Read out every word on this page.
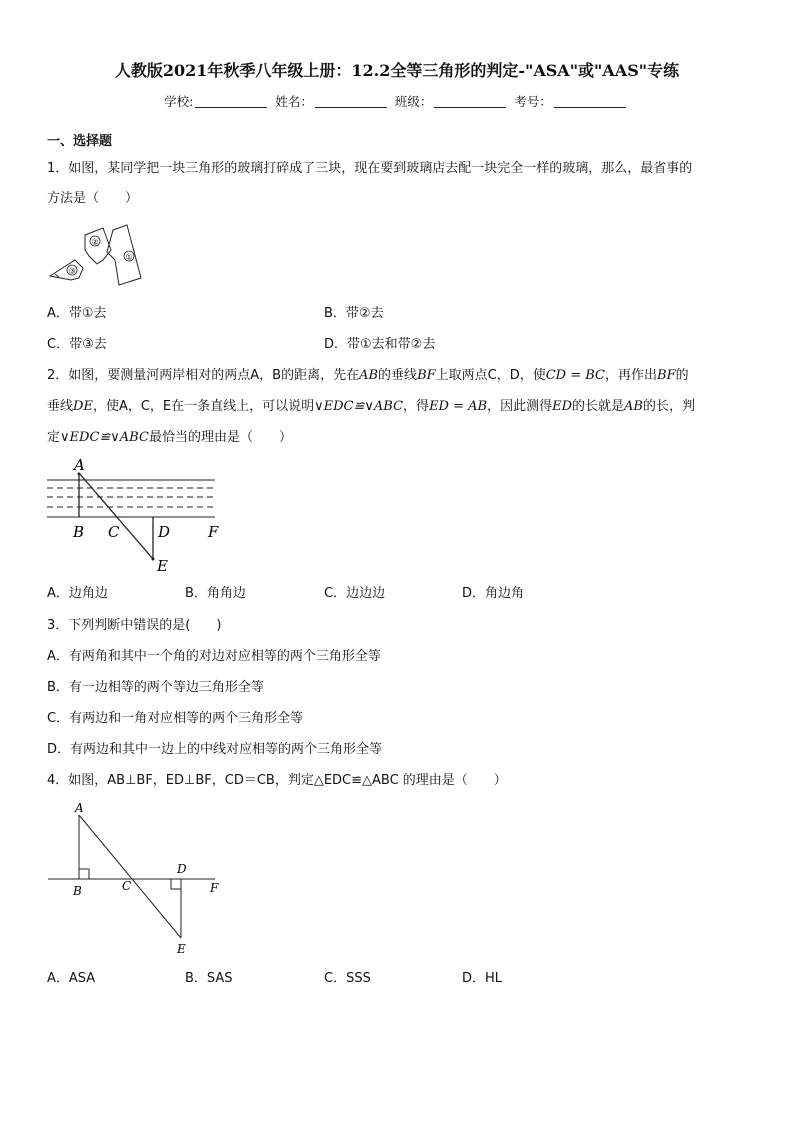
人教版2021年秋季八年级上册：12.2全等三角形的判定-"ASA"或"AAS"专练
学校:	姓名：	班级：	考号：
一、选择题
1．如图，某同学把一块三角形的玻璃打碎成了三块，现在要到玻璃店去配一块完全一样的玻璃，那么，最省事的
方法是（　　）
①
②
③
A．带①去	B．带②去
C．带③去	D．带①去和带②去
2．如图，要测量河两岸相对的两点A，B的距离，先在AB的垂线BF上取两点C，D，使CD = BC，再作出BF的
垂线DE，使A，C，E在一条直线上，可以说明∨EDC≌∨ABC，得ED = AB，因此测得ED的长就是AB的长，判
定∨EDC≌∨ABC最恰当的理由是（　　）
A
B C	D	F
E
A．边角边	B．角角边	C．边边边	D．角边角
3．下列判断中错误的是(　　)
A．有两角和其中一个角的对边对应相等的两个三角形全等
B．有一边相等的两个等边三角形全等
C．有两边和一角对应相等的两个三角形全等
D．有两边和其中一边上的中线对应相等的两个三角形全等
4．如图，AB⊥BF，ED⊥BF，CD＝CB，判定△EDC≌△ABC 的理由是（　　）
A
B	C
D
F
E
A．ASA	B．SAS	C．SSS	D．HL
